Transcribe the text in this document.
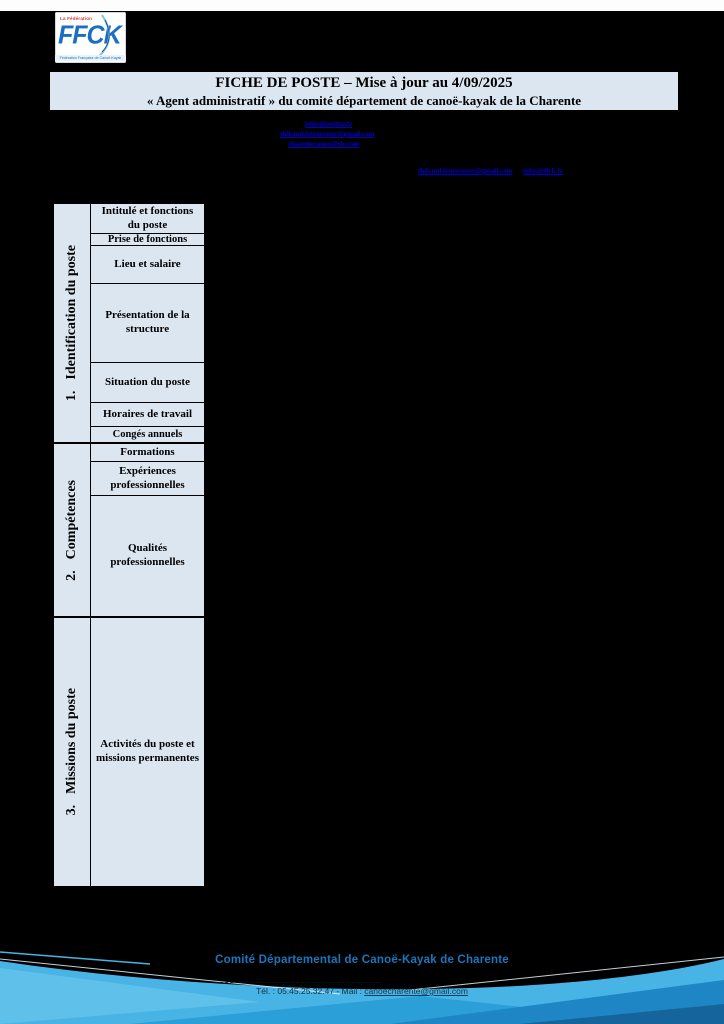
La Fédération
FFCK
Fédération Française de Canoë-Kayak
FICHE DE POSTE – Mise à jour au 4/09/2025
« Agent administratif » du comité département de canoë-kayak de la Charente
infos@poitou.fr
thibaud.letourneur@gmail.com
charentecanoe@sfr.com
thibaud.letourneur@gmail.com infos@ffck.fr
1.Identification du poste
Intitulé et fonctions du poste
Prise de fonctions
Lieu et salaire
Présentation de la structure
Situation du poste
Horaires de travail
Congés annuels
2.Compétences
Formations
Expériences professionnelles
Qualités professionnelles
3.Missions du poste	Activités du poste et missions permanentes
Comité Départemental de Canoë-Kayak de Charente
Tél. : 05.45.25.32.47 - Mail : canoecharente@gmail.com
